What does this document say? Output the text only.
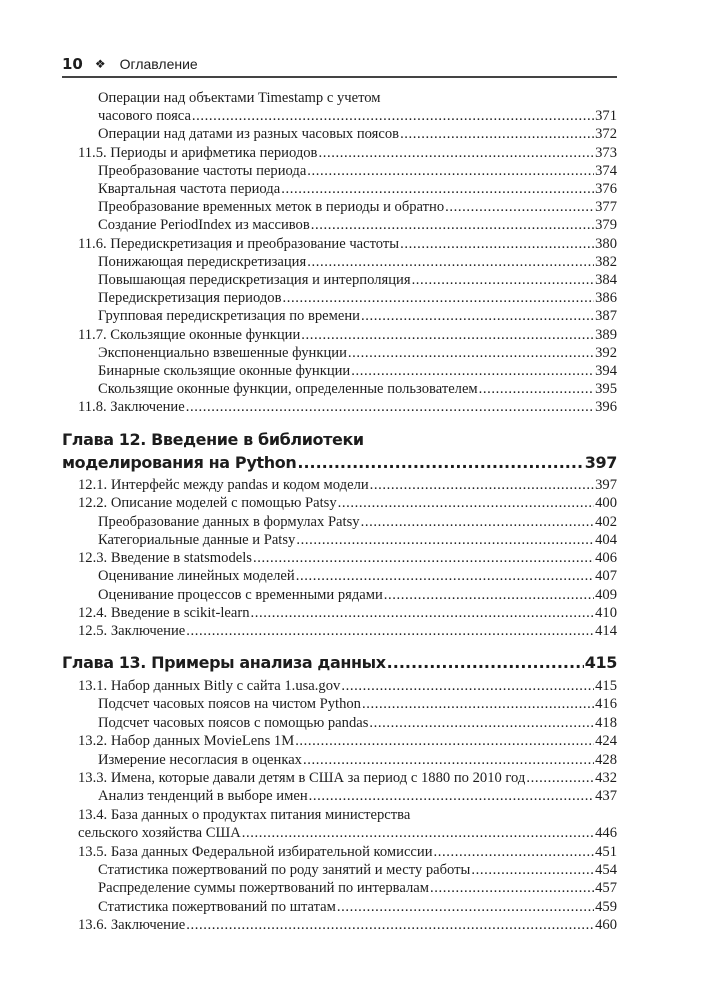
10 ❖ Оглавление
Операции над объектами Timestamp с учетом
часового пояса .....	371
Операции над датами из разных часовых поясов .....	372
11.5. Периоды и арифметика периодов .....	373
Преобразование частоты периода .....	374
Квартальная частота периода .....	376
Преобразование временных меток в периоды и обратно .....	377
Создание PeriodIndex из массивов .....	379
11.6. Передискретизация и преобразование частоты .....	380
Понижающая передискретизация .....	382
Повышающая передискретизация и интерполяция .....	384
Передискретизация периодов .....	386
Групповая передискретизация по времени .....	387
11.7. Скользящие оконные функции .....	389
Экспоненциально взвешенные функции .....	392
Бинарные скользящие оконные функции .....	394
Скользящие оконные функции, определенные пользователем .....	395
11.8. Заключение .....	396
Глава 12. Введение в библиотеки
моделирования на Python .....	397
12.1. Интерфейс между pandas и кодом модели .....	397
12.2. Описание моделей с помощью Patsy .....	400
Преобразование данных в формулах Patsy .....	402
Категориальные данные и Patsy .....	404
12.3. Введение в statsmodels .....	406
Оценивание линейных моделей .....	407
Оценивание процессов с временными рядами .....	409
12.4. Введение в scikit-learn .....	410
12.5. Заключение .....	414
Глава 13. Примеры анализа данных .....	415
13.1. Набор данных Bitly с сайта 1.usa.gov .....	415
Подсчет часовых поясов на чистом Python .....	416
Подсчет часовых поясов с помощью pandas .....	418
13.2. Набор данных MovieLens 1M .....	424
Измерение несогласия в оценках .....	428
13.3. Имена, которые давали детям в США за период с 1880 по 2010 год .....	432
Анализ тенденций в выборе имен .....	437
13.4. База данных о продуктах питания министерства
сельского хозяйства США .....	446
13.5. База данных Федеральной избирательной комиссии .....	451
Статистика пожертвований по роду занятий и месту работы .....	454
Распределение суммы пожертвований по интервалам .....	457
Статистика пожертвований по штатам .....	459
13.6. Заключение .....	460
